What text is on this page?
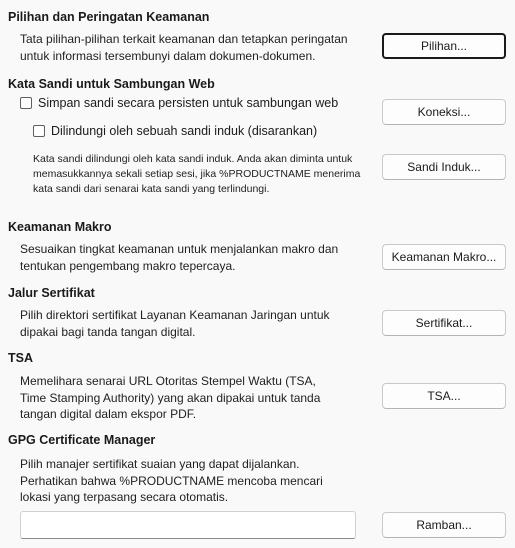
Pilihan dan Peringatan Keamanan
Tata pilihan-pilihan terkait keamanan dan tetapkan peringatan untuk informasi tersembunyi dalam dokumen-dokumen.
Pilihan...
Kata Sandi untuk Sambungan Web
Simpan sandi secara persisten untuk sambungan web
Koneksi...
Dilindungi oleh sebuah sandi induk (disarankan)
Kata sandi dilindungi oleh kata sandi induk. Anda akan diminta untuk memasukkannya sekali setiap sesi, jika %PRODUCTNAME menerima kata sandi dari senarai kata sandi yang terlindungi.
Sandi Induk...
Keamanan Makro
Sesuaikan tingkat keamanan untuk menjalankan makro dan tentukan pengembang makro tepercaya.
Keamanan Makro...
Jalur Sertifikat
Pilih direktori sertifikat Layanan Keamanan Jaringan untuk dipakai bagi tanda tangan digital.
Sertifikat...
TSA
Memelihara senarai URL Otoritas Stempel Waktu (TSA, Time Stamping Authority) yang akan dipakai untuk tanda tangan digital dalam ekspor PDF.
TSA...
GPG Certificate Manager
Pilih manajer sertifikat suaian yang dapat dijalankan. Perhatikan bahwa %PRODUCTNAME mencoba mencari lokasi yang terpasang secara otomatis.
Ramban...
